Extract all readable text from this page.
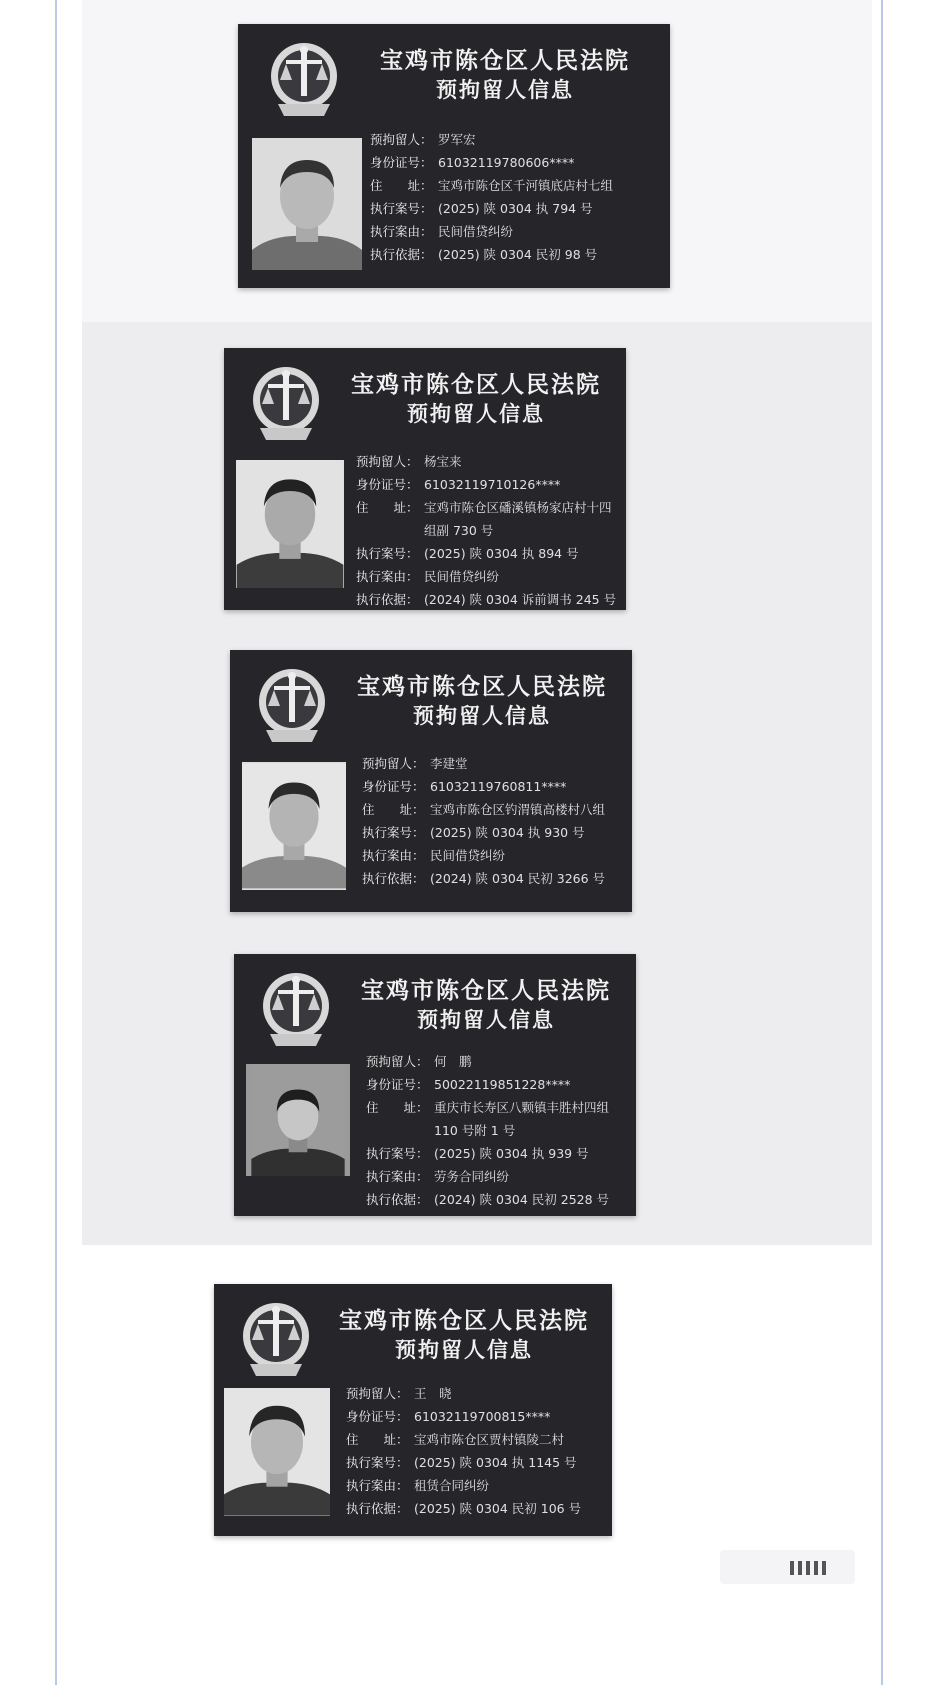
宝鸡市陈仓区人民法院
预拘留人信息
预拘留人： 罗军宏
身份证号： 61032119780606****
住　　址： 宝鸡市陈仓区千河镇底店村七组
执行案号： (2025) 陕 0304 执 794 号
执行案由： 民间借贷纠纷
执行依据： (2025) 陕 0304 民初 98 号
宝鸡市陈仓区人民法院
预拘留人信息
预拘留人： 杨宝来
身份证号： 61032119710126****
住　　址： 宝鸡市陈仓区磻溪镇杨家店村十四组副 730 号
执行案号： (2025) 陕 0304 执 894 号
执行案由： 民间借贷纠纷
执行依据： (2024) 陕 0304 诉前调书 245 号
宝鸡市陈仓区人民法院
预拘留人信息
预拘留人： 李建堂
身份证号： 61032119760811****
住　　址： 宝鸡市陈仓区钓渭镇高楼村八组
执行案号： (2025) 陕 0304 执 930 号
执行案由： 民间借贷纠纷
执行依据： (2024) 陕 0304 民初 3266 号
宝鸡市陈仓区人民法院
预拘留人信息
预拘留人： 何　鹏
身份证号： 50022119851228****
住　　址： 重庆市长寿区八颗镇丰胜村四组 110 号附 1 号
执行案号： (2025) 陕 0304 执 939 号
执行案由： 劳务合同纠纷
执行依据： (2024) 陕 0304 民初 2528 号
宝鸡市陈仓区人民法院
预拘留人信息
预拘留人： 王　晓
身份证号： 61032119700815****
住　　址： 宝鸡市陈仓区贾村镇陵二村
执行案号： (2025) 陕 0304 执 1145 号
执行案由： 租赁合同纠纷
执行依据： (2025) 陕 0304 民初 106 号
